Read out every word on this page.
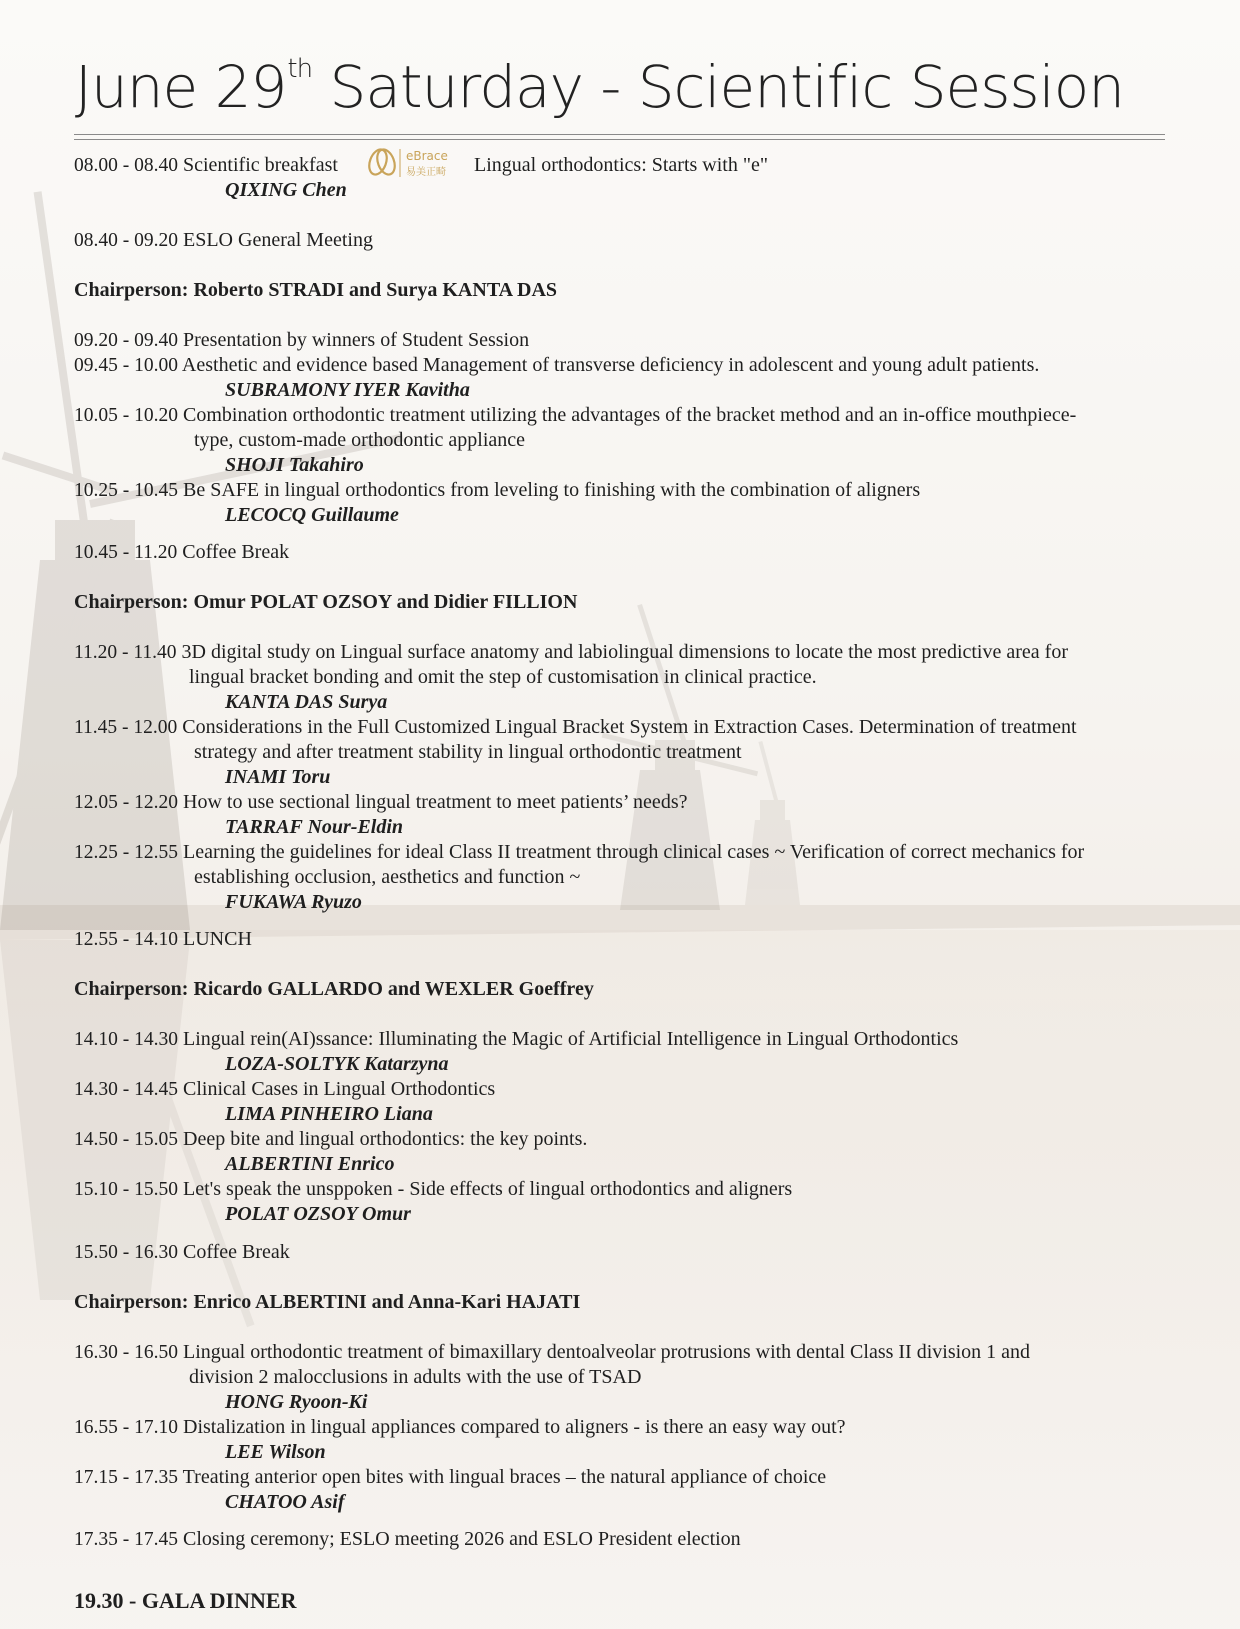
June 29th Saturday - Scientific Session
08.00 - 08.40 Scientific breakfast	eBrace
易美正畸 Lingual orthodontics: Starts with "e"
QIXING Chen
08.40 - 09.20 ESLO General Meeting
Chairperson: Roberto STRADI and Surya KANTA DAS
09.20 - 09.40 Presentation by winners of Student Session
09.45 - 10.00 Aesthetic and evidence based Management of transverse deficiency in adolescent and young adult patients.
SUBRAMONY IYER Kavitha
10.05 - 10.20 Combination orthodontic treatment utilizing the advantages of the bracket method and an in-office mouthpiece-
type, custom-made orthodontic appliance
SHOJI Takahiro
10.25 - 10.45 Be SAFE in lingual orthodontics from leveling to finishing with the combination of aligners
LECOCQ Guillaume
10.45 - 11.20 Coffee Break
Chairperson: Omur POLAT OZSOY and Didier FILLION
11.20 - 11.40 3D digital study on Lingual surface anatomy and labiolingual dimensions to locate the most predictive area for
lingual bracket bonding and omit the step of customisation in clinical practice.
KANTA DAS Surya
11.45 - 12.00 Considerations in the Full Customized Lingual Bracket System in Extraction Cases. Determination of treatment
strategy and after treatment stability in lingual orthodontic treatment
INAMI Toru
12.05 - 12.20 How to use sectional lingual treatment to meet patients’ needs?
TARRAF Nour-Eldin
12.25 - 12.55 Learning the guidelines for ideal Class II treatment through clinical cases ~ Verification of correct mechanics for
establishing occlusion, aesthetics and function ~
FUKAWA Ryuzo
12.55 - 14.10 LUNCH
Chairperson: Ricardo GALLARDO and WEXLER Goeffrey
14.10 - 14.30 Lingual rein(AI)ssance: Illuminating the Magic of Artificial Intelligence in Lingual Orthodontics
LOZA-SOLTYK Katarzyna
14.30 - 14.45 Clinical Cases in Lingual Orthodontics
LIMA PINHEIRO Liana
14.50 - 15.05 Deep bite and lingual orthodontics: the key points.
ALBERTINI Enrico
15.10 - 15.50 Let's speak the unsppoken - Side effects of lingual orthodontics and aligners
POLAT OZSOY Omur
15.50 - 16.30 Coffee Break
Chairperson: Enrico ALBERTINI and Anna-Kari HAJATI
16.30 - 16.50 Lingual orthodontic treatment of bimaxillary dentoalveolar protrusions with dental Class II division 1 and
division 2 malocclusions in adults with the use of TSAD
HONG Ryoon-Ki
16.55 - 17.10 Distalization in lingual appliances compared to aligners - is there an easy way out?
LEE Wilson
17.15 - 17.35 Treating anterior open bites with lingual braces – the natural appliance of choice
CHATOO Asif
17.35 - 17.45 Closing ceremony; ESLO meeting 2026 and ESLO President election
19.30 - GALA DINNER
